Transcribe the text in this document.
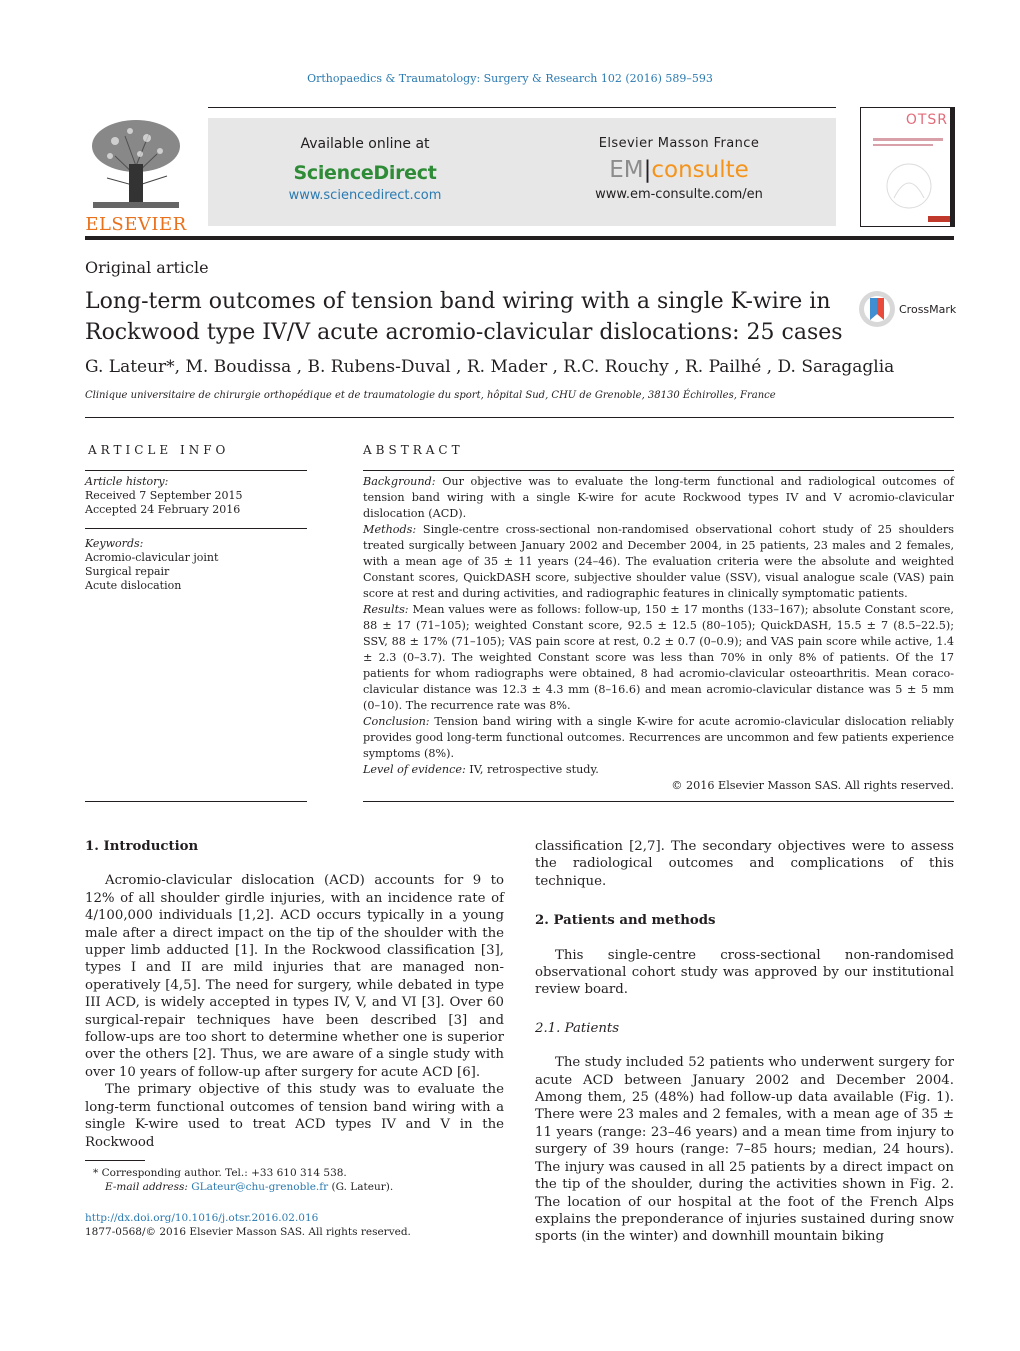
Orthopaedics & Traumatology: Surgery & Research 102 (2016) 589–593
ELSEVIER
Available online at
ScienceDirect
www.sciencedirect.com
Elsevier Masson France
EM|consulte
www.em-consulte.com/en
OTSR
Original article
Long-term outcomes of tension band wiring with a single K-wire in
Rockwood type IV/V acute acromio-clavicular dislocations: 25 cases
CrossMark
G. Lateur*, M. Boudissa , B. Rubens-Duval , R. Mader , R.C. Rouchy , R. Pailhé , D. Saragaglia
Clinique universitaire de chirurgie orthopédique et de traumatologie du sport, hôpital Sud, CHU de Grenoble, 38130 Échirolles, France
ARTICLE INFO
Article history:
Received 7 September 2015
Accepted 24 February 2016
Keywords:
Acromio-clavicular joint
Surgical repair
Acute dislocation
ABSTRACT

Background: Our objective was to evaluate the long-term functional and radiological outcomes of tension band wiring with a single K-wire for acute Rockwood types IV and V acromio-clavicular dislocation (ACD).

Methods: Single-centre cross-sectional non-randomised observational cohort study of 25 shoulders treated surgically between January 2002 and December 2004, in 25 patients, 23 males and 2 females, with a mean age of 35 ± 11 years (24–46). The evaluation criteria were the absolute and weighted Constant scores, QuickDASH score, subjective shoulder value (SSV), visual analogue scale (VAS) pain score at rest and during activities, and radiographic features in clinically symptomatic patients.

Results: Mean values were as follows: follow-up, 150 ± 17 months (133–167); absolute Constant score, 88 ± 17 (71–105); weighted Constant score, 92.5 ± 12.5 (80–105); QuickDASH, 15.5 ± 7 (8.5–22.5); SSV, 88 ± 17% (71–105); VAS pain score at rest, 0.2 ± 0.7 (0–0.9); and VAS pain score while active, 1.4 ± 2.3 (0–3.7). The weighted Constant score was less than 70% in only 8% of patients. Of the 17 patients for whom radiographs were obtained, 8 had acromio-clavicular osteoarthritis. Mean coraco-clavicular distance was 12.3 ± 4.3 mm (8–16.6) and mean acromio-clavicular distance was 5 ± 5 mm (0–10). The recurrence rate was 8%.

Conclusion: Tension band wiring with a single K-wire for acute acromio-clavicular dislocation reliably provides good long-term functional outcomes. Recurrences are uncommon and few patients experience symptoms (8%).

Level of evidence: IV, retrospective study.

© 2016 Elsevier Masson SAS. All rights reserved.

1. Introduction

Acromio-clavicular dislocation (ACD) accounts for 9 to 12% of all shoulder girdle injuries, with an incidence rate of 4/100,000 individuals [1,2]. ACD occurs typically in a young male after a direct impact on the tip of the shoulder with the upper limb adducted [1]. In the Rockwood classification [3], types I and II are mild injuries that are managed non-operatively [4,5]. The need for surgery, while debated in type III ACD, is widely accepted in types IV, V, and VI [3]. Over 60 surgical-repair techniques have been described [3] and follow-ups are too short to determine whether one is superior over the others [2]. Thus, we are aware of a single study with over 10 years of follow-up after surgery for acute ACD [6].

The primary objective of this study was to evaluate the long-term functional outcomes of tension band wiring with a single K-wire used to treat ACD types IV and V in the Rockwood

classification [2,7]. The secondary objectives were to assess the radiological outcomes and complications of this technique.

2. Patients and methods

This single-centre cross-sectional non-randomised observational cohort study was approved by our institutional review board.

2.1. Patients

The study included 52 patients who underwent surgery for acute ACD between January 2002 and December 2004. Among them, 25 (48%) had follow-up data available (Fig. 1). There were 23 males and 2 females, with a mean age of 35 ± 11 years (range: 23–46 years) and a mean time from injury to surgery of 39 hours (range: 7–85 hours; median, 24 hours). The injury was caused in all 25 patients by a direct impact on the tip of the shoulder, during the activities shown in Fig. 2. The location of our hospital at the foot of the French Alps explains the preponderance of injuries sustained during snow sports (in the winter) and downhill mountain biking

* Corresponding author. Tel.: +33 610 314 538.
E-mail address: GLateur@chu-grenoble.fr (G. Lateur).
http://dx.doi.org/10.1016/j.otsr.2016.02.016
1877-0568/© 2016 Elsevier Masson SAS. All rights reserved.
